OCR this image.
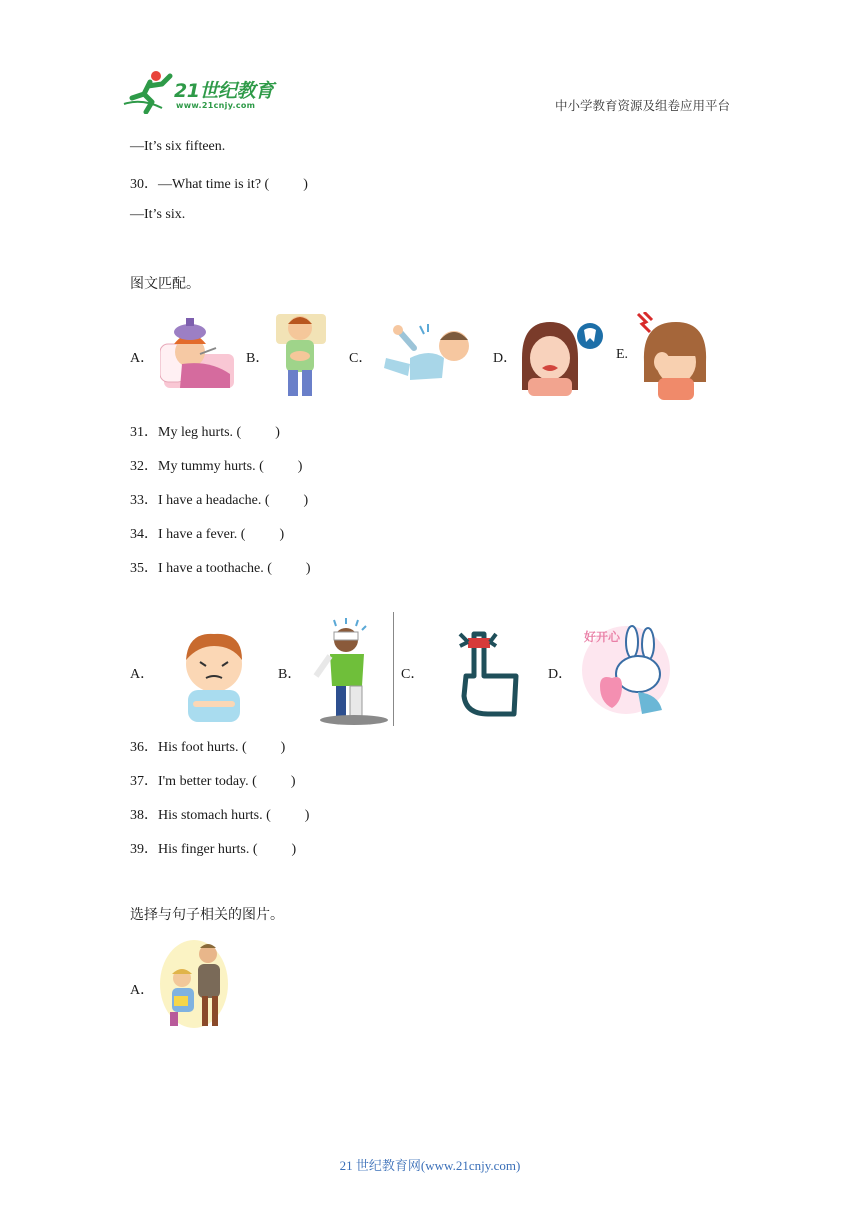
21世纪教育
www.21cnjy.com	中小学教育资源及组卷应用平台
—It’s six fifteen.
30．—What time is it? ( )
—It’s six.
图文匹配。
A．	B．	C．	D．	E.
31．My leg hurts. ( )
32．My tummy hurts. ( )
33．I have a headache. ( )
34．I have a fever. ( )
35．I have a toothache. ( )
A．	B．	C．	D．
好开心
36．His foot hurts. ( )
37．I'm better today. ( )
38．His stomach hurts. ( )
39．His finger hurts. ( )
选择与句子相关的图片。
A．
21 世纪教育网(www.21cnjy.com)
